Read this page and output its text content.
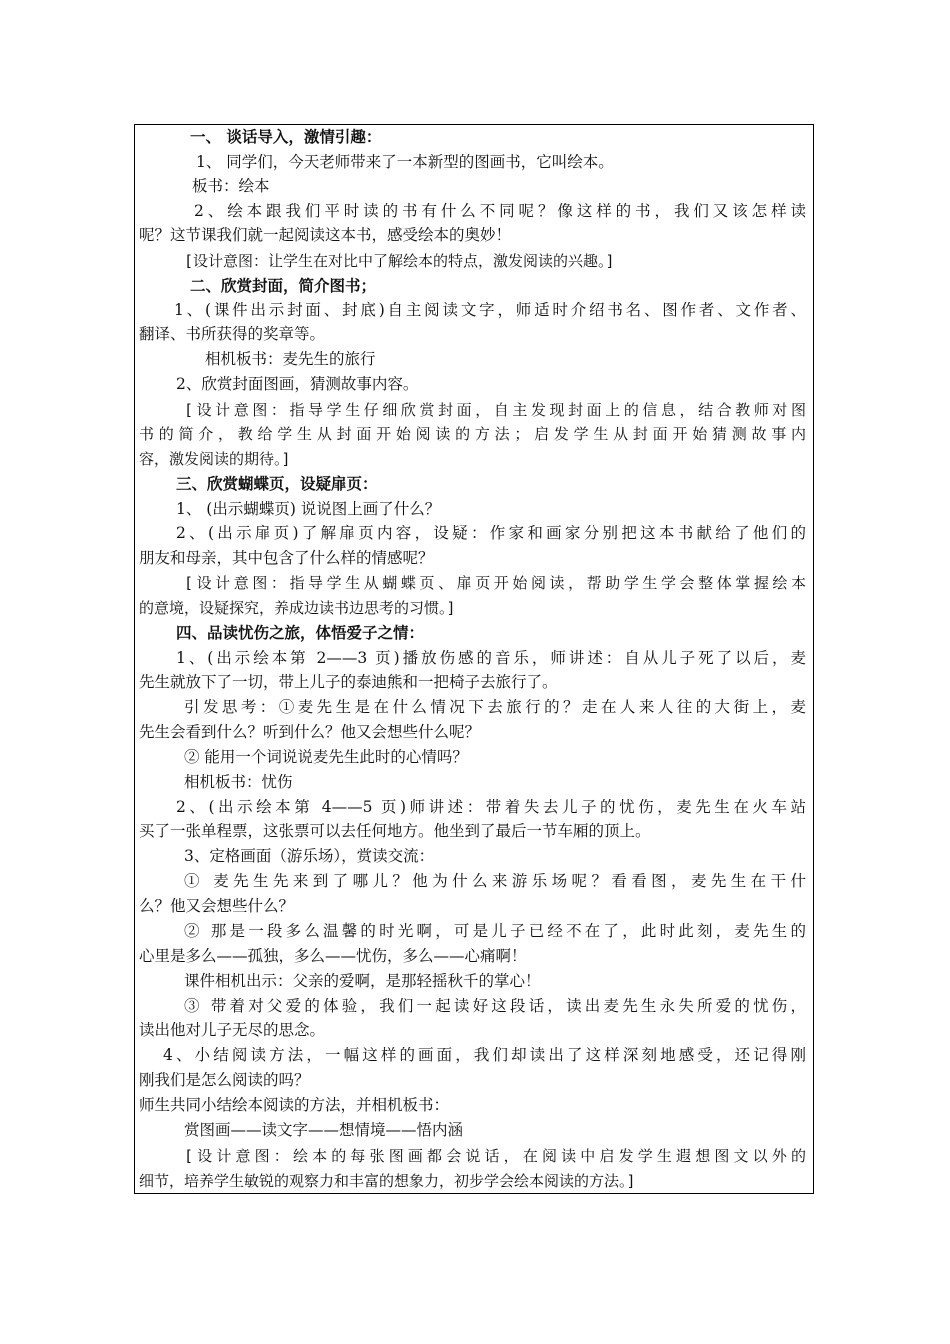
一、 谈话导入，激情引趣：
1、 同学们，今天老师带来了一本新型的图画书，它叫绘本。
板书：绘本
2、绘本跟我们平时读的书有什么不同呢？像这样的书，我们又该怎样读
呢？这节课我们就一起阅读这本书，感受绘本的奥妙！
[设计意图：让学生在对比中了解绘本的特点，激发阅读的兴趣。]
二、欣赏封面，简介图书；
1、(课件出示封面、封底)自主阅读文字，师适时介绍书名、图作者、文作者、
翻译、书所获得的奖章等。
相机板书：麦先生的旅行
2、欣赏封面图画，猜测故事内容。
[设计意图：指导学生仔细欣赏封面，自主发现封面上的信息，结合教师对图
书的简介，教给学生从封面开始阅读的方法；启发学生从封面开始猜测故事内
容，激发阅读的期待。]
三、欣赏蝴蝶页，设疑扉页：
1、 (出示蝴蝶页) 说说图上画了什么？
2、(出示扉页)了解扉页内容，设疑：作家和画家分别把这本书献给了他们的
朋友和母亲，其中包含了什么样的情感呢？
[设计意图：指导学生从蝴蝶页、扉页开始阅读，帮助学生学会整体掌握绘本
的意境，设疑探究，养成边读书边思考的习惯。]
四、品读忧伤之旅，体悟爱子之情：
1、(出示绘本第 2——3 页)播放伤感的音乐，师讲述：自从儿子死了以后，麦
先生就放下了一切，带上儿子的泰迪熊和一把椅子去旅行了。
引发思考：①麦先生是在什么情况下去旅行的？走在人来人往的大街上，麦
先生会看到什么？听到什么？他又会想些什么呢？
② 能用一个词说说麦先生此时的心情吗？
相机板书：忧伤
2、(出示绘本第 4——5 页)师讲述：带着失去儿子的忧伤，麦先生在火车站
买了一张单程票，这张票可以去任何地方。他坐到了最后一节车厢的顶上。
3、定格画面（游乐场），赏读交流：
① 麦先生先来到了哪儿？他为什么来游乐场呢？看看图，麦先生在干什
么？他又会想些什么？
② 那是一段多么温馨的时光啊，可是儿子已经不在了，此时此刻，麦先生的
心里是多么——孤独，多么——忧伤，多么——心痛啊！
课件相机出示：父亲的爱啊，是那轻摇秋千的掌心！
③ 带着对父爱的体验，我们一起读好这段话，读出麦先生永失所爱的忧伤，
读出他对儿子无尽的思念。
4、小结阅读方法，一幅这样的画面，我们却读出了这样深刻地感受，还记得刚
刚我们是怎么阅读的吗？
师生共同小结绘本阅读的方法，并相机板书：
赏图画——读文字——想情境——悟内涵
[设计意图：绘本的每张图画都会说话，在阅读中启发学生遐想图文以外的
细节，培养学生敏锐的观察力和丰富的想象力，初步学会绘本阅读的方法。]
